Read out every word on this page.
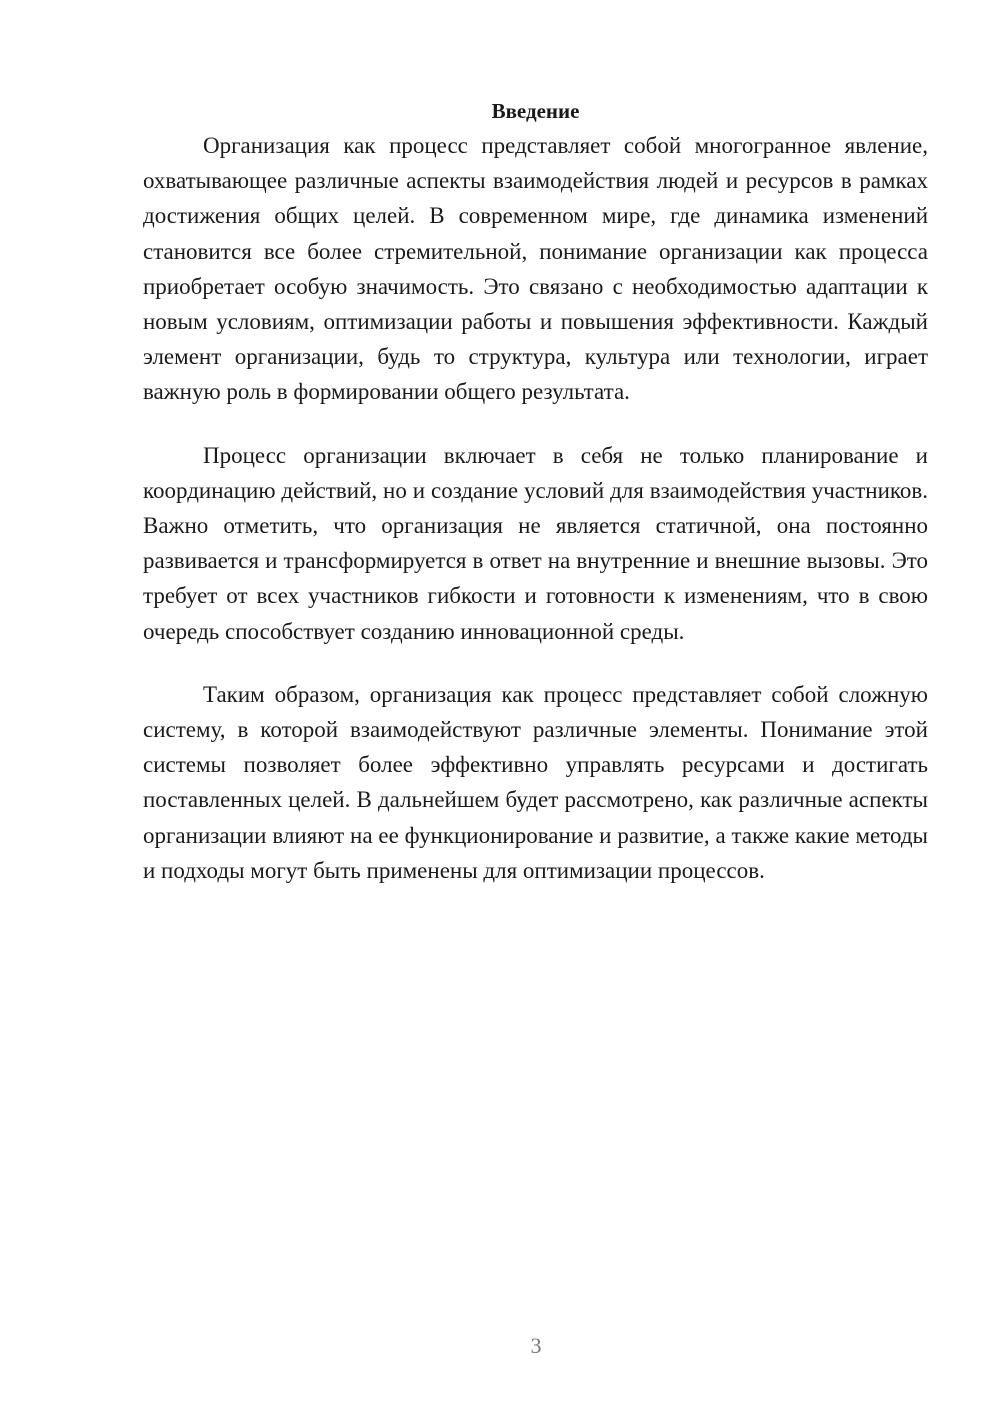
Введение

Организация как процесс представляет собой многогранное явление, охватывающее различные аспекты взаимодействия людей и ресурсов в рамках достижения общих целей. В современном мире, где динамика изменений становится все более стремительной, понимание организации как процесса приобретает особую значимость. Это связано с необходимостью адаптации к новым условиям, оптимизации работы и повышения эффективности. Каждый элемент организации, будь то структура, культура или технологии, играет важную роль в формировании общего результата.

Процесс организации включает в себя не только планирование и координацию действий, но и создание условий для взаимодействия участников. Важно отметить, что организация не является статичной, она постоянно развивается и трансформируется в ответ на внутренние и внешние вызовы. Это требует от всех участников гибкости и готовности к изменениям, что в свою очередь способствует созданию инновационной среды.

Таким образом, организация как процесс представляет собой сложную систему, в которой взаимодействуют различные элементы. Понимание этой системы позволяет более эффективно управлять ресурсами и достигать поставленных целей. В дальнейшем будет рассмотрено, как различные аспекты организации влияют на ее функционирование и развитие, а также какие методы и подходы могут быть применены для оптимизации процессов.

3
